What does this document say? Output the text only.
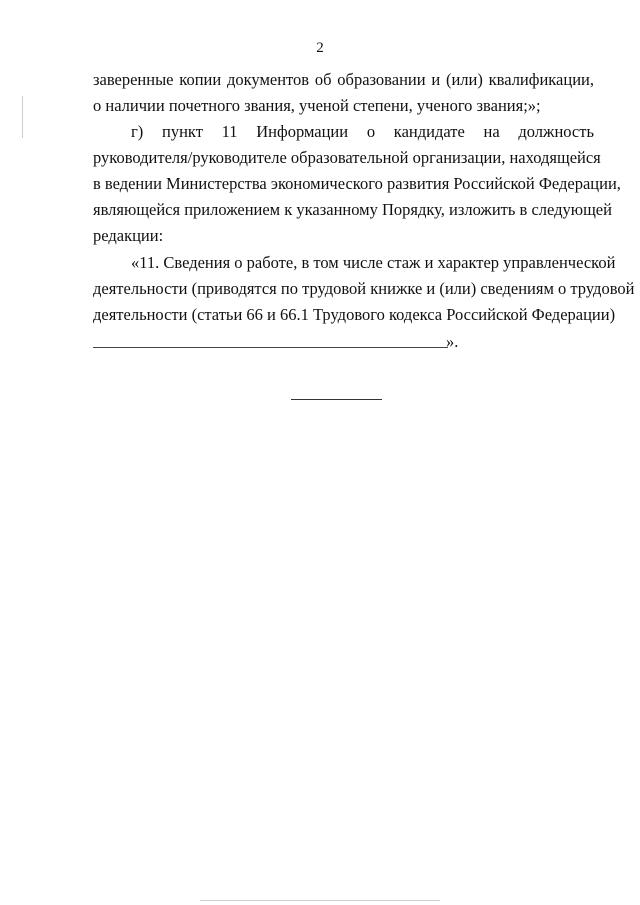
2
заверенные копии документов об образовании и (или) квалификации,
о наличии почетного звания, ученой степени, ученого звания;»;
г) пункт 11 Информации о кандидате на должность
руководителя/руководителе образовательной организации, находящейся
в ведении Министерства экономического развития Российской Федерации,
являющейся приложением к указанному Порядку, изложить в следующей
редакции:
«11. Сведения о работе, в том числе стаж и характер управленческой
деятельности (приводятся по трудовой книжке и (или) сведениям о трудовой
деятельности (статьи 66 и 66.1 Трудового кодекса Российской Федерации)
».
